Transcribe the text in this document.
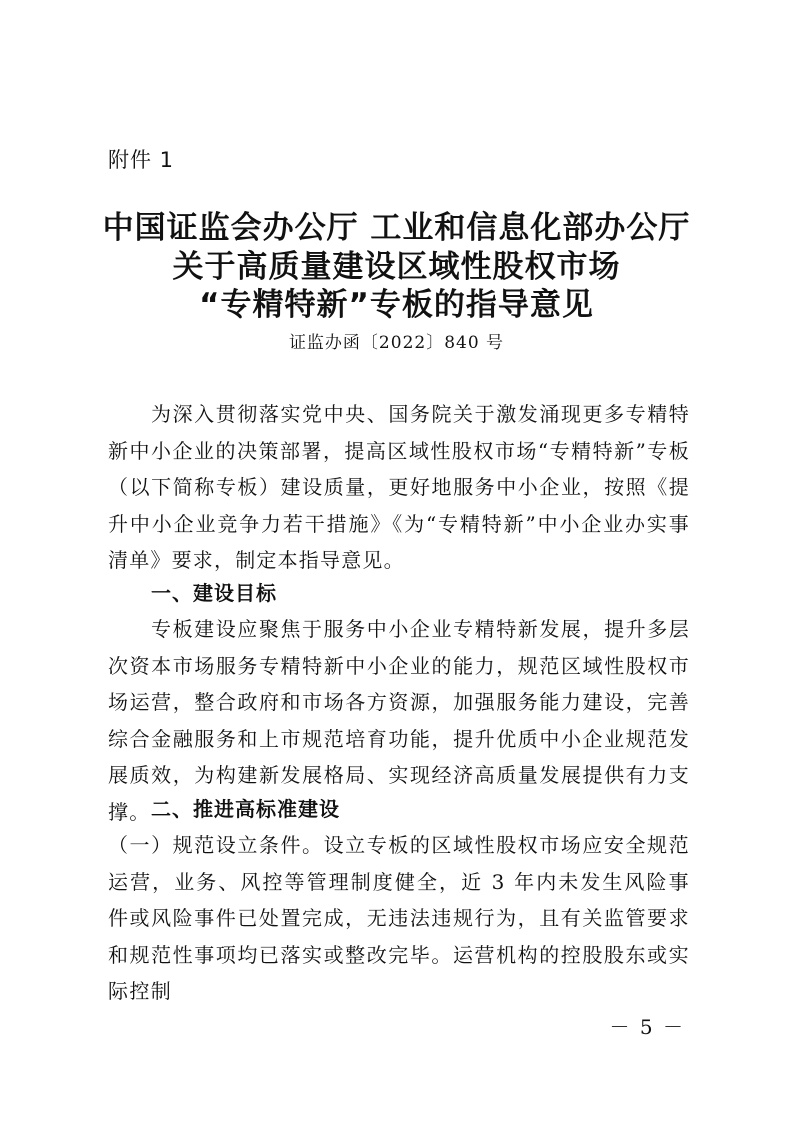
附件 1
中国证监会办公厅 工业和信息化部办公厅
关于高质量建设区域性股权市场
“专精特新”专板的指导意见
证监办函〔2022〕840 号

为深入贯彻落实党中央、国务院关于激发涌现更多专精特新中小企业的决策部署，提高区域性股权市场“专精特新”专板（以下简称专板）建设质量，更好地服务中小企业，按照《提升中小企业竞争力若干措施》《为“专精特新”中小企业办实事清单》要求，制定本指导意见。

一、建设目标

专板建设应聚焦于服务中小企业专精特新发展，提升多层次资本市场服务专精特新中小企业的能力，规范区域性股权市场运营，整合政府和市场各方资源，加强服务能力建设，完善综合金融服务和上市规范培育功能，提升优质中小企业规范发展质效，为构建新发展格局、实现经济高质量发展提供有力支撑。 二、推进高标准建设

（一）规范设立条件。设立专板的区域性股权市场应安全规范运营，业务、风控等管理制度健全，近 3 年内未发生风险事件或风险事件已处置完成，无违法违规行为，且有关监管要求和规范性事项均已落实或整改完毕。运营机构的控股股东或实际控制

－ 5 －
